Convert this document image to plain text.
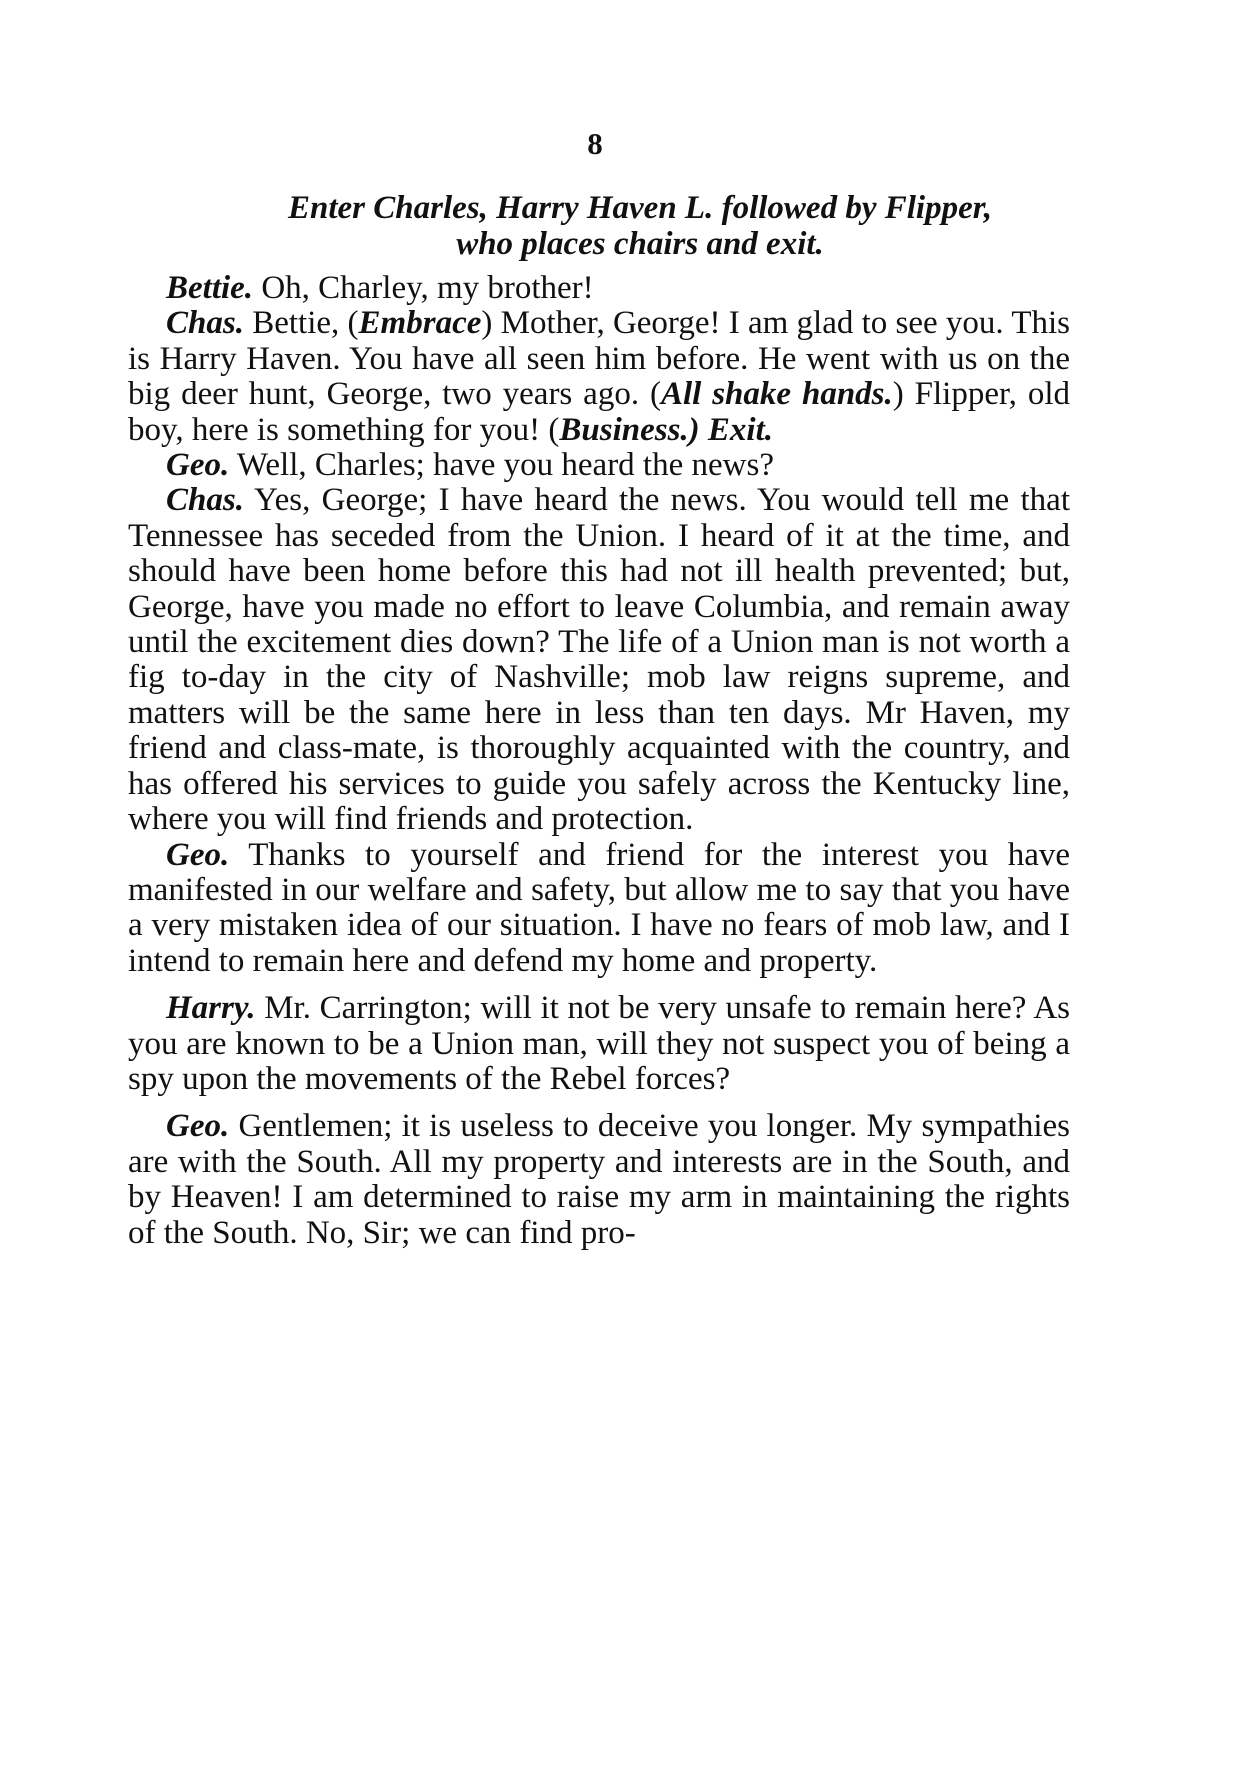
8
Enter Charles, Harry Haven L. followed by Flipper,
who places chairs and exit.

Bettie. Oh, Charley, my brother!

Chas. Bettie, (Embrace) Mother, George! I am glad to see you. This is Harry Haven. You have all seen him before. He went with us on the big deer hunt, George, two years ago. (All shake hands.) Flipper, old boy, here is something for you! (Business.) Exit.

Geo. Well, Charles; have you heard the news?

Chas. Yes, George; I have heard the news. You would tell me that Tennessee has seceded from the Union. I heard of it at the time, and should have been home before this had not ill health prevented; but, George, have you made no effort to leave Columbia, and remain away until the excitement dies down? The life of a Union man is not worth a fig to-day in the city of Nashville; mob law reigns supreme, and matters will be the same here in less than ten days. Mr Haven, my friend and class-mate, is thoroughly acquainted with the country, and has offered his services to guide you safely across the Kentucky line, where you will find friends and protection.

Geo. Thanks to yourself and friend for the interest you have manifested in our welfare and safety, but allow me to say that you have a very mistaken idea of our situation. I have no fears of mob law, and I intend to remain here and defend my home and property.

Harry. Mr. Carrington; will it not be very unsafe to remain here? As you are known to be a Union man, will they not suspect you of being a spy upon the movements of the Rebel forces?

Geo. Gentlemen; it is useless to deceive you longer. My sympathies are with the South. All my property and interests are in the South, and by Heaven! I am determined to raise my arm in maintaining the rights of the South. No, Sir; we can find pro-
